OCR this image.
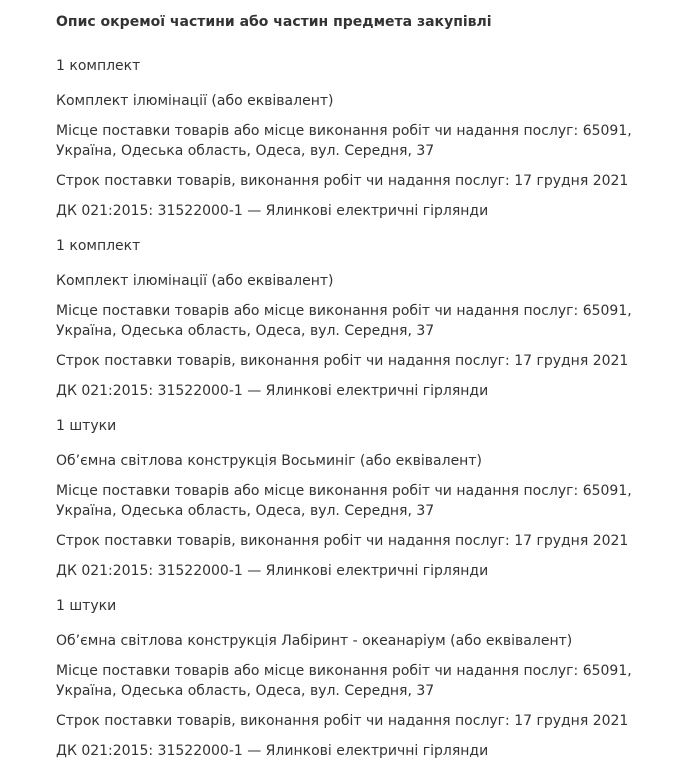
Опис окремої частини або частин предмета закупівлі

1 комплект

Комплект ілюмінації (або еквівалент)

Місце поставки товарів або місце виконання робіт чи надання послуг: 65091, Україна, Одеська область, Одеса, вул. Середня, 37

Строк поставки товарів, виконання робіт чи надання послуг: 17 грудня 2021

ДК 021:2015: 31522000-1 — Ялинкові електричні гірлянди

1 комплект

Комплект ілюмінації (або еквівалент)

Місце поставки товарів або місце виконання робіт чи надання послуг: 65091, Україна, Одеська область, Одеса, вул. Середня, 37

Строк поставки товарів, виконання робіт чи надання послуг: 17 грудня 2021

ДК 021:2015: 31522000-1 — Ялинкові електричні гірлянди

1 штуки

Об’ємна світлова конструкція Восьминіг (або еквівалент)

Місце поставки товарів або місце виконання робіт чи надання послуг: 65091, Україна, Одеська область, Одеса, вул. Середня, 37

Строк поставки товарів, виконання робіт чи надання послуг: 17 грудня 2021

ДК 021:2015: 31522000-1 — Ялинкові електричні гірлянди

1 штуки

Об’ємна світлова конструкція Лабіринт - океанаріум (або еквівалент)

Місце поставки товарів або місце виконання робіт чи надання послуг: 65091, Україна, Одеська область, Одеса, вул. Середня, 37

Строк поставки товарів, виконання робіт чи надання послуг: 17 грудня 2021

ДК 021:2015: 31522000-1 — Ялинкові електричні гірлянди
